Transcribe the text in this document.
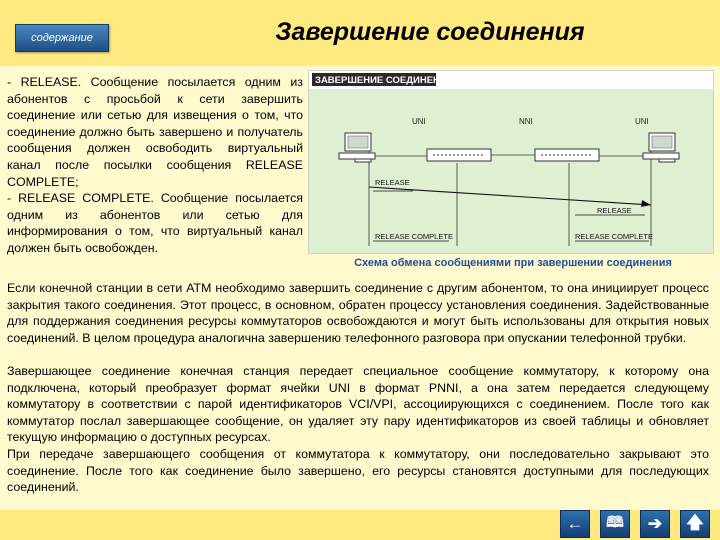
содержание	Завершение соединения

- RELEASE. Сообщение посылается одним из абонентов с просьбой к сети завершить соединение или сетью для извещения о том, что соединение должно быть завершено и получатель сообщения должен освободить виртуальный канал после посылки сообщения RELEASE COMPLETE;

- RELEASE COMPLETE. Сообщение посылается одним из абонентов или сетью для информирования о том, что виртуальный канал должен быть освобожден.

ЗАВЕРШЕНИЕ СОЕДИНЕНИЯ
UNI	NNI	UNI
RELEASE
RELEASE
RELEASE COMPLETE	RELEASE COMPLETE
Схема обмена сообщениями при завершении соединения

Если конечной станции в сети АТМ необходимо завершить соединение с другим абонентом, то она инициирует процесс закрытия такого соединения. Этот процесс, в основном, обратен процессу установления соединения. Задействованные для поддержания соединения ресурсы коммутаторов освобождаются и могут быть использованы для открытия новых соединений. В целом процедура аналогична завершению телефонного разговора при опускании телефонной трубки.

Завершающее соединение конечная станция передает специальное сообщение коммутатору, к которому она подключена, который преобразует формат ячейки UNI в формат PNNI, а она затем передается следующему коммутатору в соответствии с парой идентификаторов VCI/VPI, ассоциирующихся с соединением. После того как коммутатор послал завершающее сообщение, он удаляет эту пару идентификаторов из своей таблицы и обновляет текущую информацию о доступных ресурсах.

При передаче завершающего сообщения от коммутатора к коммутатору, они последовательно закрывают это соединение. После того как соединение было завершено, его ресурсы становятся доступными для последующих соединений.

← 🕮 ➔ 🡅
